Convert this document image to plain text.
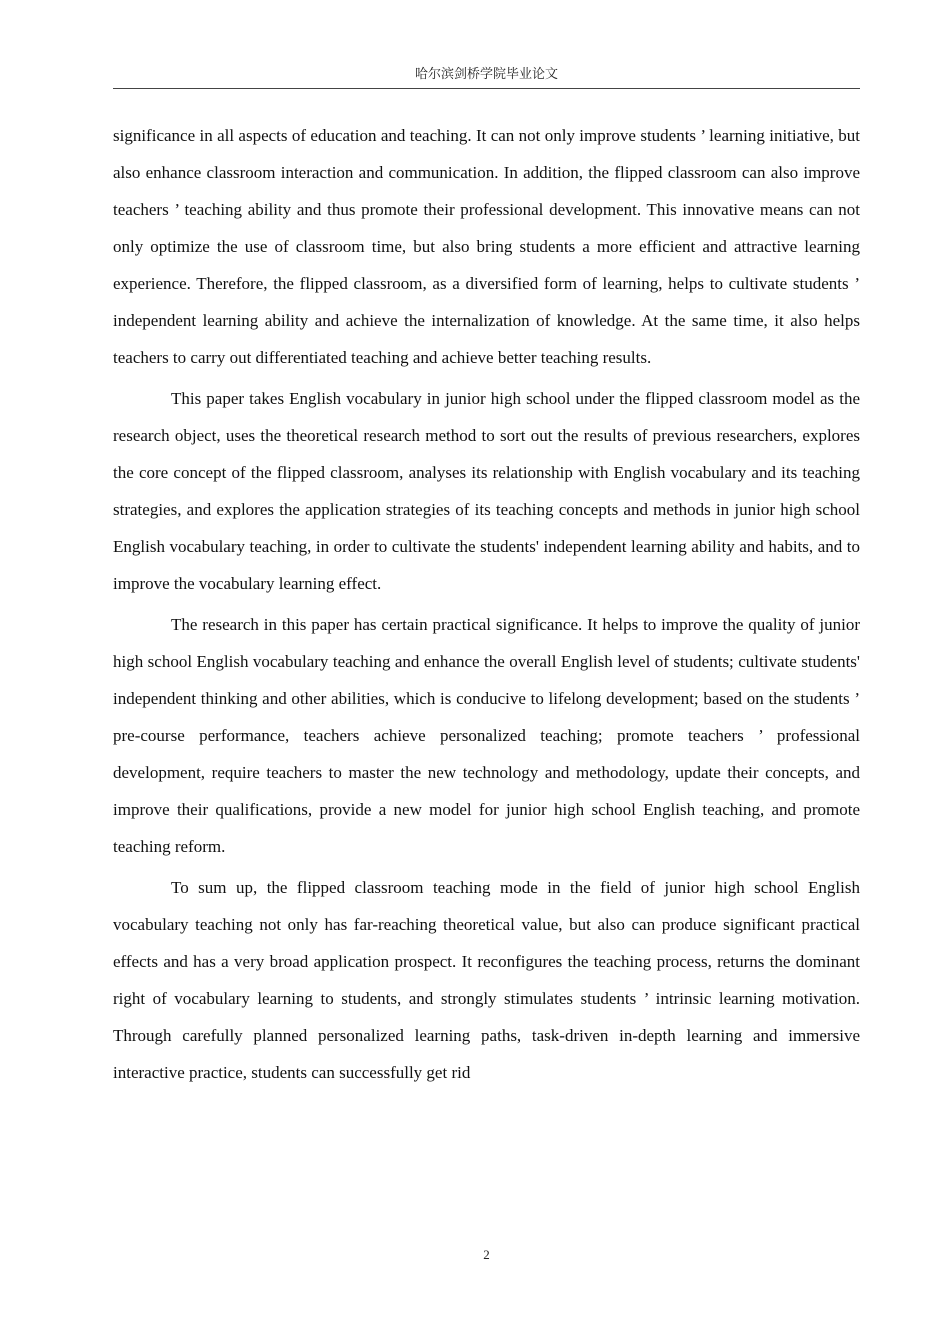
哈尔滨剑桥学院毕业论文

significance in all aspects of education and teaching. It can not only improve students ’ learning initiative, but also enhance classroom interaction and communication. In addition, the flipped classroom can also improve teachers ’ teaching ability and thus promote their professional development. This innovative means can not only optimize the use of classroom time, but also bring students a more efficient and attractive learning experience. Therefore, the flipped classroom, as a diversified form of learning, helps to cultivate students ’ independent learning ability and achieve the internalization of knowledge. At the same time, it also helps teachers to carry out differentiated teaching and achieve better teaching results.

This paper takes English vocabulary in junior high school under the flipped classroom model as the research object, uses the theoretical research method to sort out the results of previous researchers, explores the core concept of the flipped classroom, analyses its relationship with English vocabulary and its teaching strategies, and explores the application strategies of its teaching concepts and methods in junior high school English vocabulary teaching, in order to cultivate the students' independent learning ability and habits, and to improve the vocabulary learning effect.

The research in this paper has certain practical significance. It helps to improve the quality of junior high school English vocabulary teaching and enhance the overall English level of students; cultivate students' independent thinking and other abilities, which is conducive to lifelong development; based on the students ’ pre-course performance, teachers achieve personalized teaching; promote teachers ’ professional development, require teachers to master the new technology and methodology, update their concepts, and improve their qualifications, provide a new model for junior high school English teaching, and promote teaching reform.

To sum up, the flipped classroom teaching mode in the field of junior high school English vocabulary teaching not only has far-reaching theoretical value, but also can produce significant practical effects and has a very broad application prospect. It reconfigures the teaching process, returns the dominant right of vocabulary learning to students, and strongly stimulates students ’ intrinsic learning motivation. Through carefully planned personalized learning paths, task-driven in-depth learning and immersive interactive practice, students can successfully get rid

2
